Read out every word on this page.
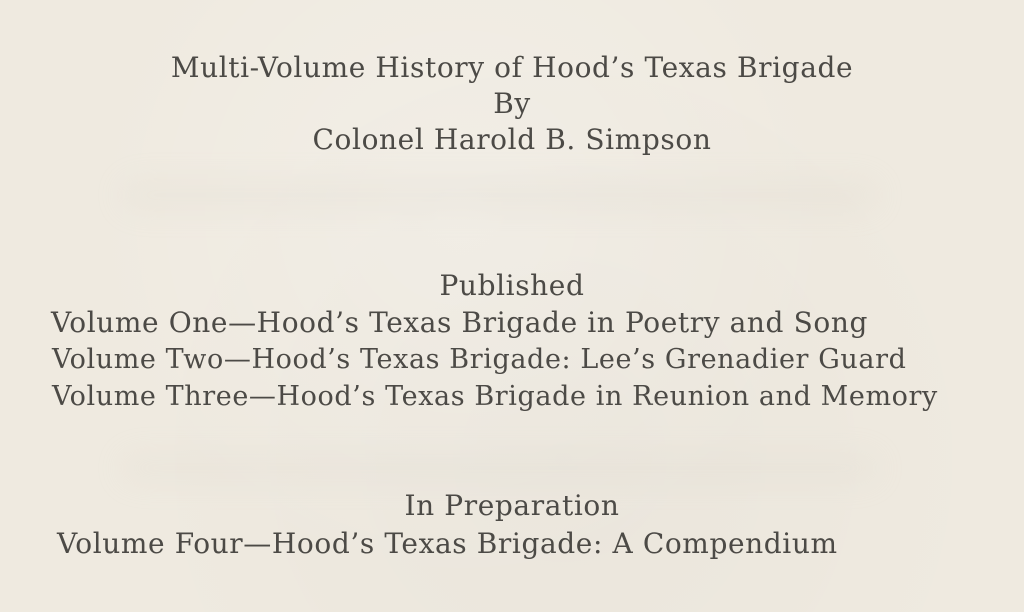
Multi-Volume History of Hood’s Texas Brigade
By
Colonel Harold B. Simpson
Published
Volume One—Hood’s Texas Brigade in Poetry and Song
Volume Two—Hood’s Texas Brigade: Lee’s Grenadier Guard
Volume Three—Hood’s Texas Brigade in Reunion and Memory
In Preparation
Volume Four—Hood’s Texas Brigade: A Compendium
